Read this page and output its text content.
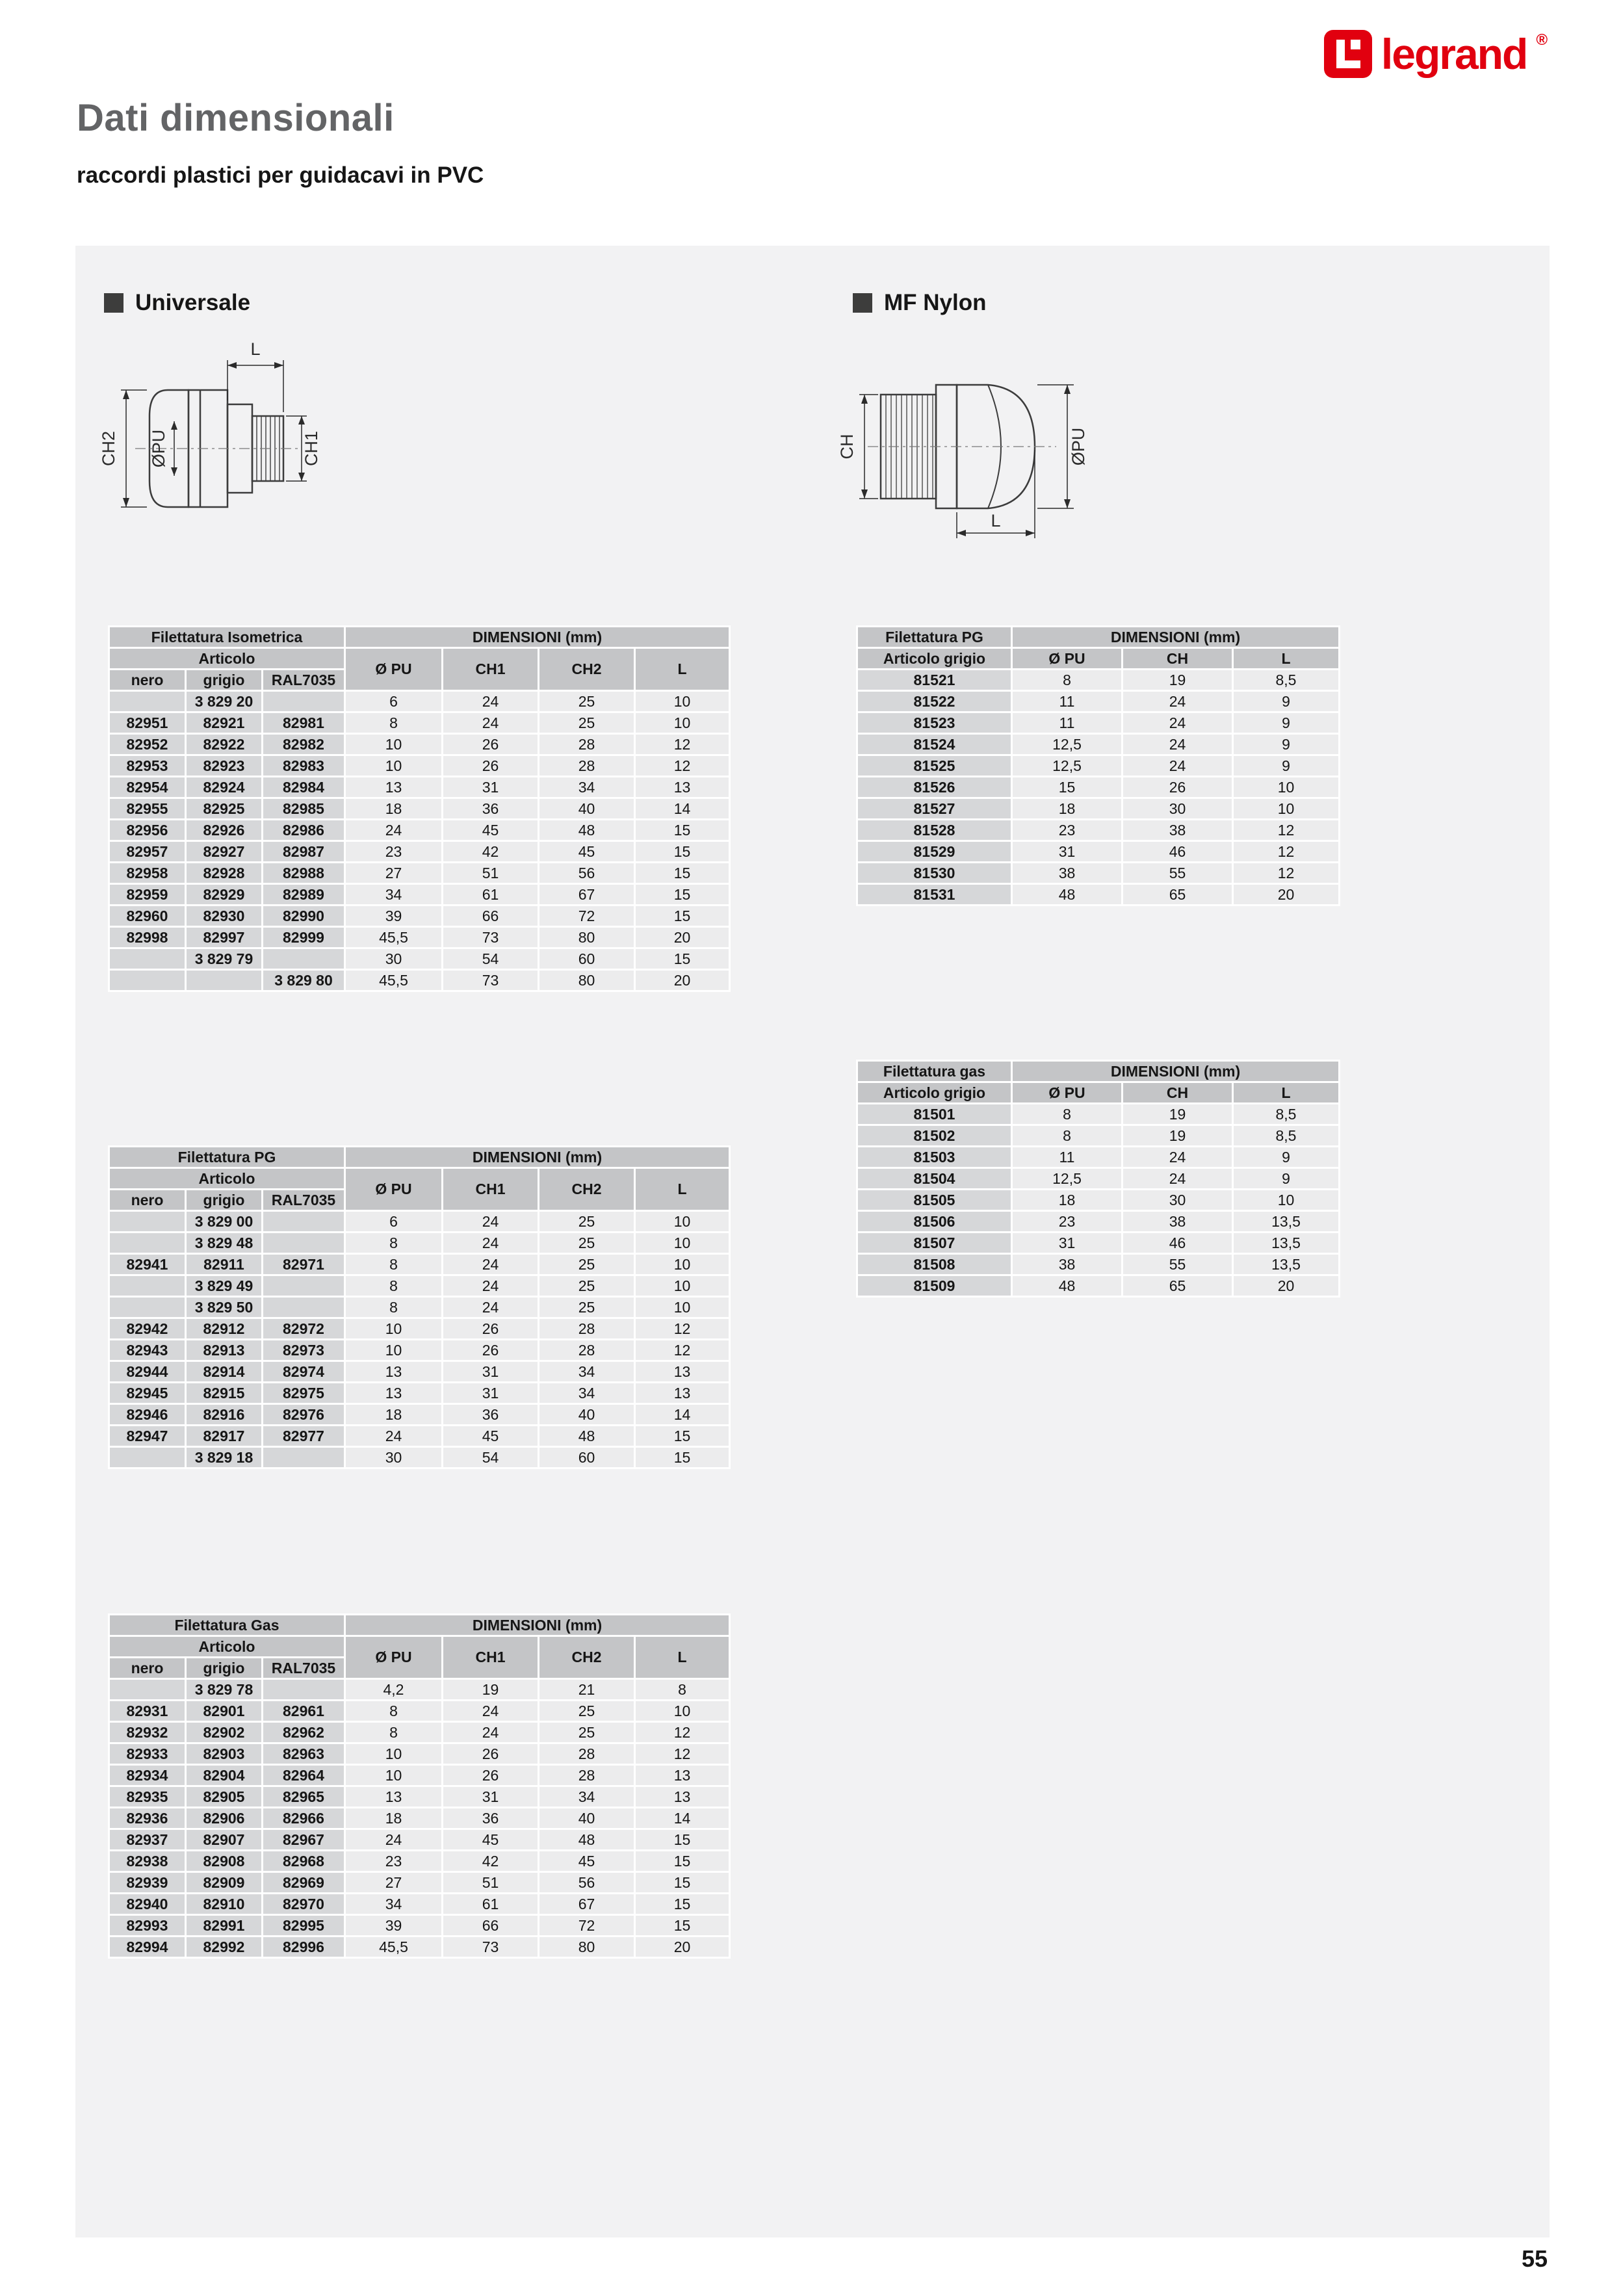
legrand ®
Dati dimensionali
raccordi plastici per guidacavi in PVC
Universale	MF Nylon
L
CH2 ØPU	CH1	CH	ØPU
L
Filettatura Isometrica			DIMENSIONI (mm)			
Articolo			Ø PU	CH1	CH2	L
nero	grigio	RAL7035				
	3 829 20		6	24	25	10
82951	82921	82981	8	24	25	10
82952	82922	82982	10	26	28	12
82953	82923	82983	10	26	28	12
82954	82924	82984	13	31	34	13
82955	82925	82985	18	36	40	14
82956	82926	82986	24	45	48	15
82957	82927	82987	23	42	45	15
82958	82928	82988	27	51	56	15
82959	82929	82989	34	61	67	15
82960	82930	82990	39	66	72	15
82998	82997	82999	45,5	73	80	20
	3 829 79		30	54	60	15
		3 829 80	45,5	73	80	20
Filettatura PG	DIMENSIONI (mm)		
Articolo grigio	Ø PU	CH	L
81521	8	19	8,5
81522	11	24	9
81523	11	24	9
81524	12,5	24	9
81525	12,5	24	9
81526	15	26	10
81527	18	30	10
81528	23	38	12
81529	31	46	12
81530	38	55	12
81531	48	65	20
Filettatura gas	DIMENSIONI (mm)		
Articolo grigio	Ø PU	CH	L
81501	8	19	8,5
81502	8	19	8,5
81503	11	24	9
81504	12,5	24	9
81505	18	30	10
81506	23	38	13,5
81507	31	46	13,5
81508	38	55	13,5
81509	48	65	20
Filettatura PG			DIMENSIONI (mm)			
Articolo			Ø PU	CH1	CH2	L
nero	grigio	RAL7035				
	3 829 00		6	24	25	10
	3 829 48		8	24	25	10
82941	82911	82971	8	24	25	10
	3 829 49		8	24	25	10
	3 829 50		8	24	25	10
82942	82912	82972	10	26	28	12
82943	82913	82973	10	26	28	12
82944	82914	82974	13	31	34	13
82945	82915	82975	13	31	34	13
82946	82916	82976	18	36	40	14
82947	82917	82977	24	45	48	15
	3 829 18		30	54	60	15
Filettatura Gas			DIMENSIONI (mm)			
Articolo			Ø PU	CH1	CH2	L
nero	grigio	RAL7035				
	3 829 78		4,2	19	21	8
82931	82901	82961	8	24	25	10
82932	82902	82962	8	24	25	12
82933	82903	82963	10	26	28	12
82934	82904	82964	10	26	28	13
82935	82905	82965	13	31	34	13
82936	82906	82966	18	36	40	14
82937	82907	82967	24	45	48	15
82938	82908	82968	23	42	45	15
82939	82909	82969	27	51	56	15
82940	82910	82970	34	61	67	15
82993	82991	82995	39	66	72	15
82994	82992	82996	45,5	73	80	20
55
